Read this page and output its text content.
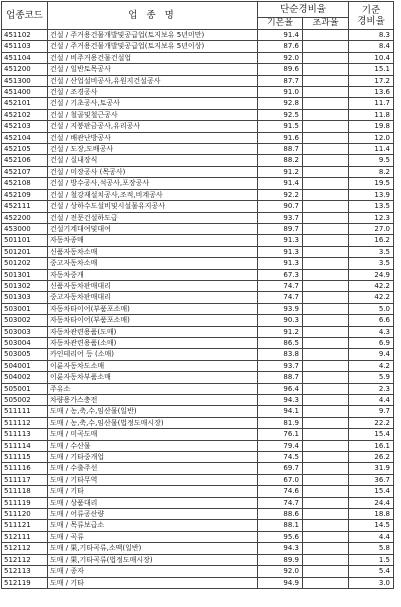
업종코드	업 종 명	단순경비율		기준
경비율

		기본율	초과율	
451102	건설 / 주거용건물개발및공급업(토지보유 5년미만)	91.4		8.3
451103	건설 / 주거용건물개발및공급업(토지보유 5년이상)	87.6		8.4
451104	건설 / 비주거용건물건설업	92.0		10.4
451200	건설 / 일반토목공사	89.6		15.1
451300	건설 / 산업설비공사,유원지건설공사	87.7		17.2
451400	건설 / 조경공사	91.0		13.6
452101	건설 / 기초공사,토공사	92.8		11.7
452102	건설 / 철골및철근공사	92.5		11.8
452103	건설 / 지붕판금공사,유리공사	91.5		19.8
452104	건설 / 배관난방공사	91.6		12.0
452105	건설 / 도장,도배공사	88.7		11.4
452106	건설 / 실내장식	88.2		9.5
452107	건설 / 미장공사 (목공사)	91.2		8.2
452108	건설 / 방수공사,석공사,포장공사	91.4		19.5
452109	건설 / 철강재설치공사,조적,비계공사	92.2		13.9
452111	건설 / 상하수도설비및시설물유지공사	90.7		13.5
452200	건설 / 전문건설하도급	93.7		12.3
453000	건설기계대여및대여	89.7		27.0
501101	자동차종매	91.3		16.2
501201	신품자동차소매	91.3		3.5
501202	중고자동차소매	91.3		3.5
501301	자동차중개	67.3		24.9
501302	신품자동차판매대리	74.7		42.2
501303	중고자동차판매대리	74.7		42.2
503001	자동차타이어(부품포소매)	93.9		5.0
503002	자동차타이어(부품포소매)	90.3		6.6
503003	자동차관련용품(도매)	91.2		4.3
503004	자동차관련용품(소매)	86.5		6.9
503005	카인테리어 등 (소매)	83.8		9.4
504001	이륜자동차도소매	93.7		4.2
504002	이륜자동차부품소매	88.7		5.9
505001	주유소	96.4		2.3
505002	차량용가스충전	94.3		4.4
511111	도매 / 농,축,수,임산물(일반)	94.1		9.7
511112	도매 / 농,축,수,임산물(법정도매시장)	81.9		22.2
511113	도매 / 미곡도매	76.1		15.4
511114	도매 / 수산물	79.4		16.1
511115	도매 / 기타중개업	74.5		26.2
511116	도매 / 수출주선	69.7		31.9
511117	도매 / 기타무역	67.0		36.7
511118	도매 / 기타	74.6		15.4
511119	도매 / 상품대리	74.7		24.4
511120	도매 / 어류공산량	88.6		18.8
511121	도매 / 목류보급소	88.1		14.5
512111	도매 / 곡류	95.6		4.4
512112	도매 / 果,기타곡류,소맥(일반)	94.3		5.8
512112	도매 / 果,기타곡류(법정도매시장)	89.9		1.5
512113	도매 / 종자	92.0		5.4
512119	도매 / 기타	94.9		3.0
